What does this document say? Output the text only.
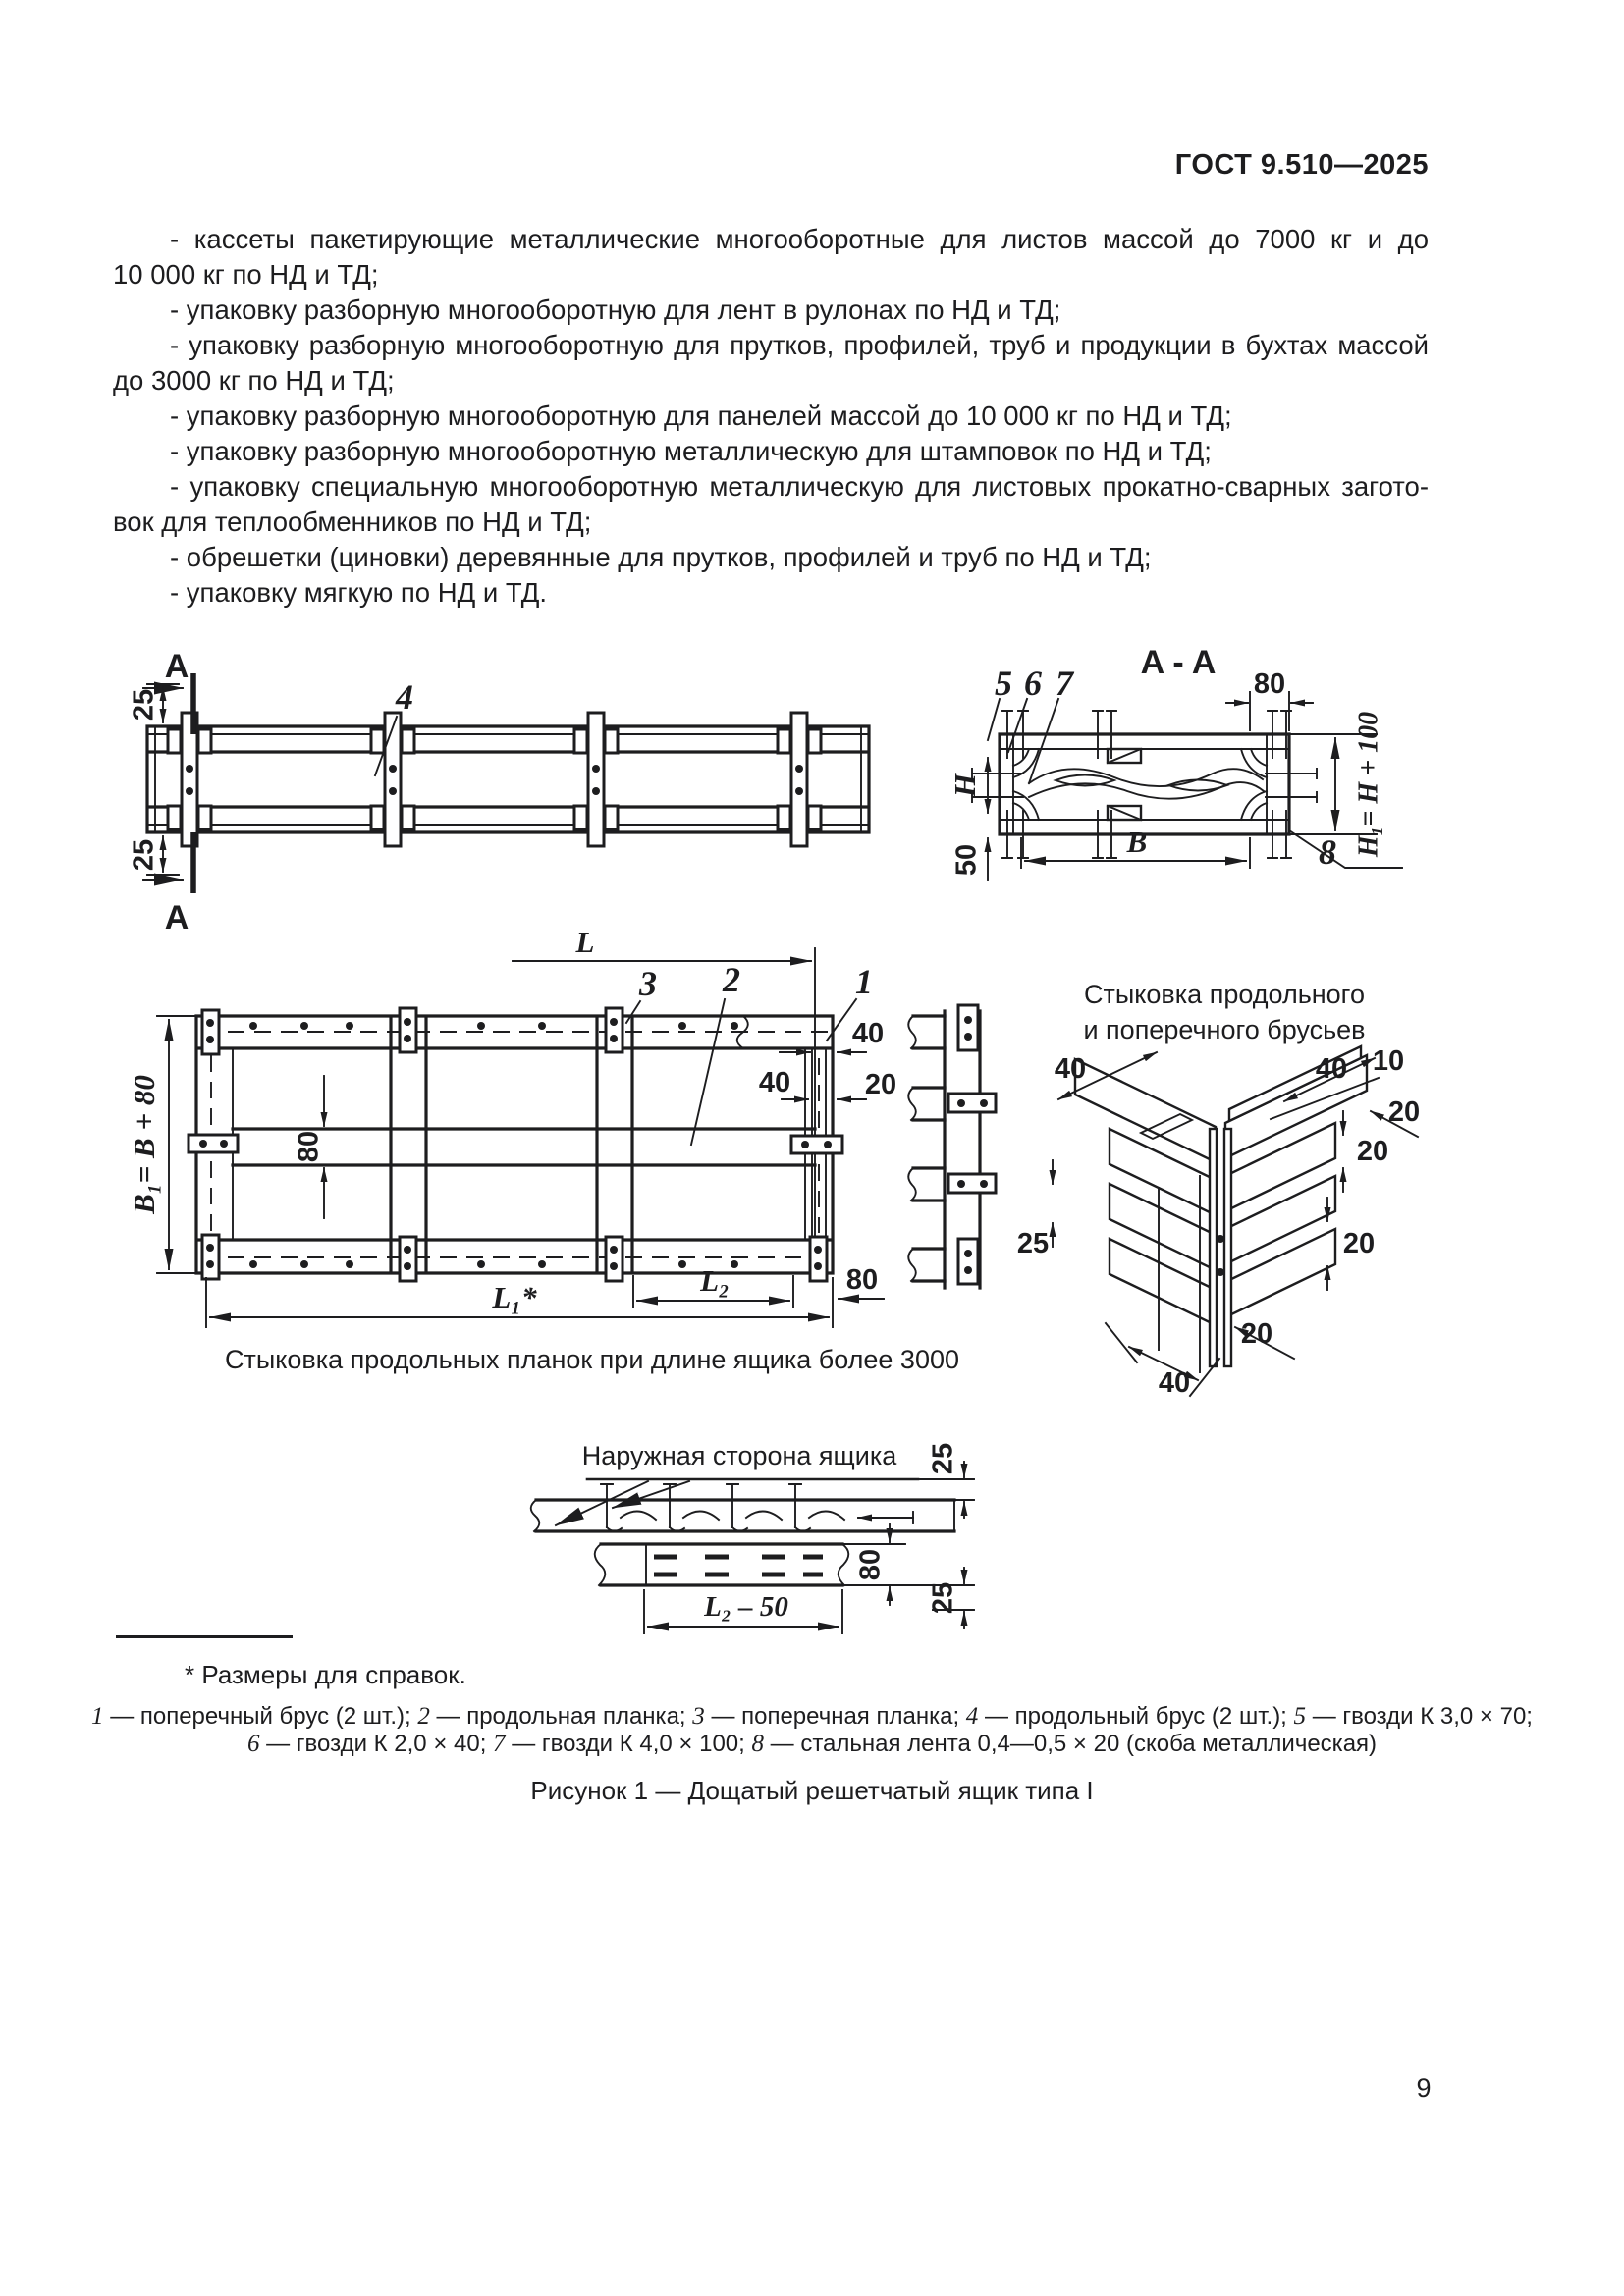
ГОСТ 9.510—2025
- кассеты пакетирующие металлические многооборотные для листов массой до 7000 кг и до
10 000 кг по НД и ТД;
- упаковку разборную многооборотную для лент в рулонах по НД и ТД;
- упаковку разборную многооборотную для прутков, профилей, труб и продукции в бухтах массой
до 3000 кг по НД и ТД;
- упаковку разборную многооборотную для панелей массой до 10 000 кг по НД и ТД;
- упаковку разборную многооборотную металлическую для штамповок по НД и ТД;
- упаковку специальную многооборотную металлическую для листовых прокатно-сварных загото-
вок для теплообменников по НД и ТД;
- обрешетки (циновки) деревянные для прутков, профилей и труб по НД и ТД;
- упаковку мягкую по НД и ТД.
4
A
A
25
25
A - A
5 6 7
8
80
H
50
H₁= H + 100
B
3 2	1
L
B₁= B + 80	80
L₁*	L₂	80
40
40	20
Стыковка продольных планок при длине ящика более 3000
Стыковка продольного
и поперечного брусьев
40	40 10
20
20
20
25
20
40
Наружная сторона ящика 25
80
25
L₂ – 50
* Размеры для справок.
1 — поперечный брус (2 шт.); 2 — продольная планка; 3 — поперечная планка; 4 — продольный брус (2 шт.); 5 — гвозди К 3,0 × 70;
6 — гвозди К 2,0 × 40; 7 — гвозди К 4,0 × 100; 8 — стальная лента 0,4—0,5 × 20 (скоба металлическая)
Рисунок 1 — Дощатый решетчатый ящик типа I
9
